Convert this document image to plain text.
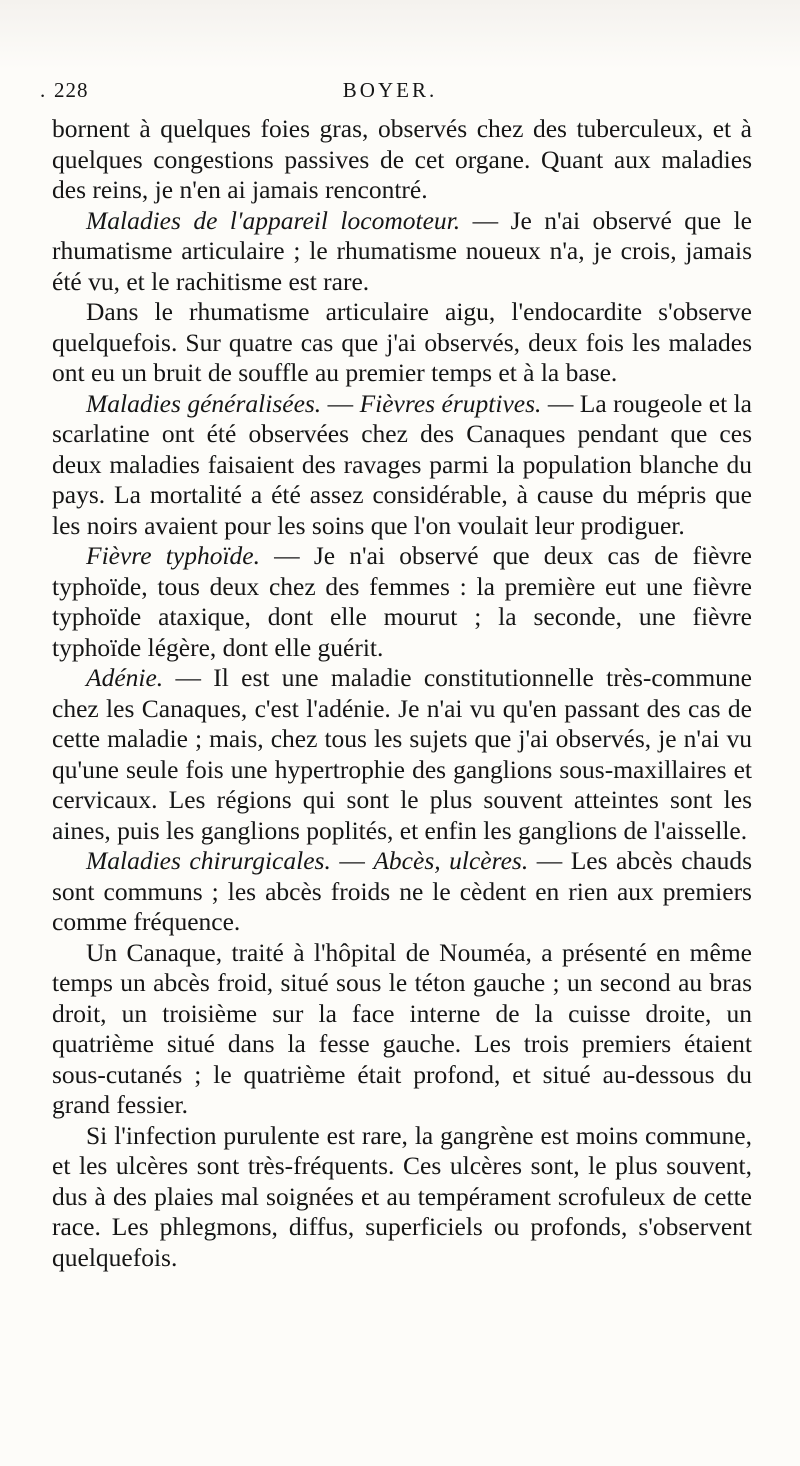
. 228	BOYER.

bornent à quelques foies gras, observés chez des tuberculeux, et à quelques congestions passives de cet organe. Quant aux maladies des reins, je n'en ai jamais rencontré.

Maladies de l'appareil locomoteur. — Je n'ai observé que le rhumatisme articulaire ; le rhumatisme noueux n'a, je crois, jamais été vu, et le rachitisme est rare.

Dans le rhumatisme articulaire aigu, l'endocardite s'observe quelquefois. Sur quatre cas que j'ai observés, deux fois les malades ont eu un bruit de souffle au premier temps et à la base.

Maladies généralisées. — Fièvres éruptives. — La rougeole et la scarlatine ont été observées chez des Canaques pendant que ces deux maladies faisaient des ravages parmi la population blanche du pays. La mortalité a été assez considérable, à cause du mépris que les noirs avaient pour les soins que l'on voulait leur prodiguer.

Fièvre typhoïde. — Je n'ai observé que deux cas de fièvre typhoïde, tous deux chez des femmes : la première eut une fièvre typhoïde ataxique, dont elle mourut ; la seconde, une fièvre typhoïde légère, dont elle guérit.

Adénie. — Il est une maladie constitutionnelle très-commune chez les Canaques, c'est l'adénie. Je n'ai vu qu'en passant des cas de cette maladie ; mais, chez tous les sujets que j'ai observés, je n'ai vu qu'une seule fois une hypertrophie des ganglions sous-maxillaires et cervicaux. Les régions qui sont le plus souvent atteintes sont les aines, puis les ganglions poplités, et enfin les ganglions de l'aisselle.

Maladies chirurgicales. — Abcès, ulcères. — Les abcès chauds sont communs ; les abcès froids ne le cèdent en rien aux premiers comme fréquence.

Un Canaque, traité à l'hôpital de Nouméa, a présenté en même temps un abcès froid, situé sous le téton gauche ; un second au bras droit, un troisième sur la face interne de la cuisse droite, un quatrième situé dans la fesse gauche. Les trois premiers étaient sous-cutanés ; le quatrième était profond, et situé au-dessous du grand fessier.

Si l'infection purulente est rare, la gangrène est moins commune, et les ulcères sont très-fréquents. Ces ulcères sont, le plus souvent, dus à des plaies mal soignées et au tempérament scrofuleux de cette race. Les phlegmons, diffus, superficiels ou profonds, s'observent quelquefois.
